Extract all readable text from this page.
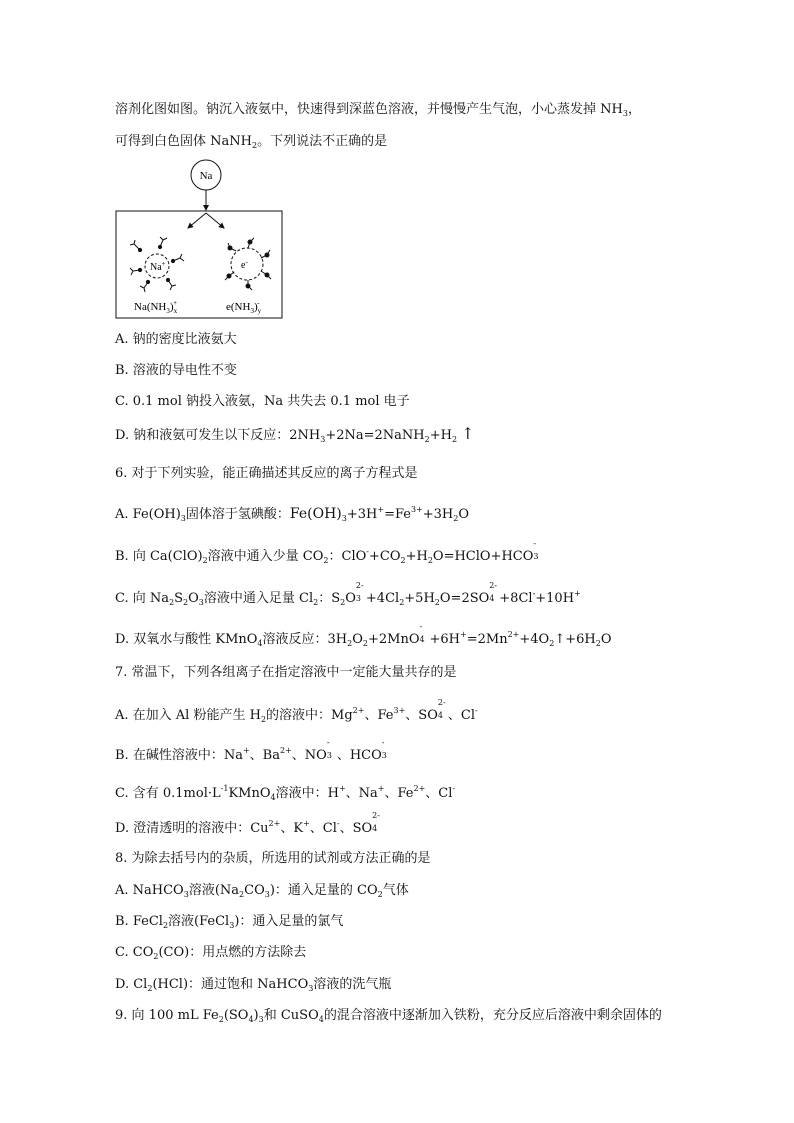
溶剂化图如图。钠沉入液氨中，快速得到深蓝色溶液，并慢慢产生气泡，小心蒸发掉 $NH_3$，
可得到白色固体 NaNH$_2$。下列说法不正确的是
Na
Na+	e-
$Na(NH_3)_x+$	$e(NH_3)_y-$
A. 钠的密度比液氨大
B. 溶液的导电性不变
C. 0.1 mol 钠投入液氨，Na 共失去 0.1 mol 电子
D. 钠和液氨可发生以下反应：$2NH_3+2Na=2NaNH_2+H_2$ ↑
6. 对于下列实验，能正确描述其反应的离子方程式是
A. $Fe(OH)_3$固体溶于氢碘酸：$Fe(OH)_3+3H^+=Fe^{3+}+3H_2O$
B. 向 $Ca(ClO)_2$溶液中通入少量 $CO_2$：$ClO^-+CO_2+H_2O=HClO+HCO$
-
3
C. 向 $Na_2S_2O_3$溶液中通入足量 $Cl_2$：$S_2O$
2-
$3 +4Cl_2+5H_2O=2SO$
2-
4 +8Cl-+10H+
D. 双氧水与酸性 KMnO$_4$溶液反应：$3H_2O_2+2MnO$
-
$4 +6H^+=2Mn^{2+}+4O_2↑+6H_2O$
7. 常温下，下列各组离子在指定溶液中一定能大量共存的是
A. 在加入 Al 粉能产生 $H_2$的溶液中：$Mg^{2+}$、$Fe^{3+}$、SO
2-
4 、Cl-
B. 在碱性溶液中：Na+、$Ba^{2+}$、NO
-
3 、HCO
-
3
C. 含有 $0.1mol\cdot L^{-1}KMnO_4$溶液中：H+、Na+、$Fe^{2+}$、Cl-
D. 澄清透明的溶液中：$Cu^{2+}$、K+、Cl-、SO
2-
4
8. 为除去括号内的杂质，所选用的试剂或方法正确的是
A. NaHCO$_3$溶液$(Na_2CO_3)$：通入足量的 $CO_2$气体
B. FeCl$_2$溶液(FeCl$_3$)：通入足量的氯气
C. $CO_2(CO)$：用点燃的方法除去
D. $Cl_2(HCl)$：通过饱和 NaHCO$_3$溶液的洗气瓶
9. 向 100 mL $Fe_2(SO_4)_3$和 CuSO$_4$的混合溶液中逐渐加入铁粉，充分反应后溶液中剩余固体的
